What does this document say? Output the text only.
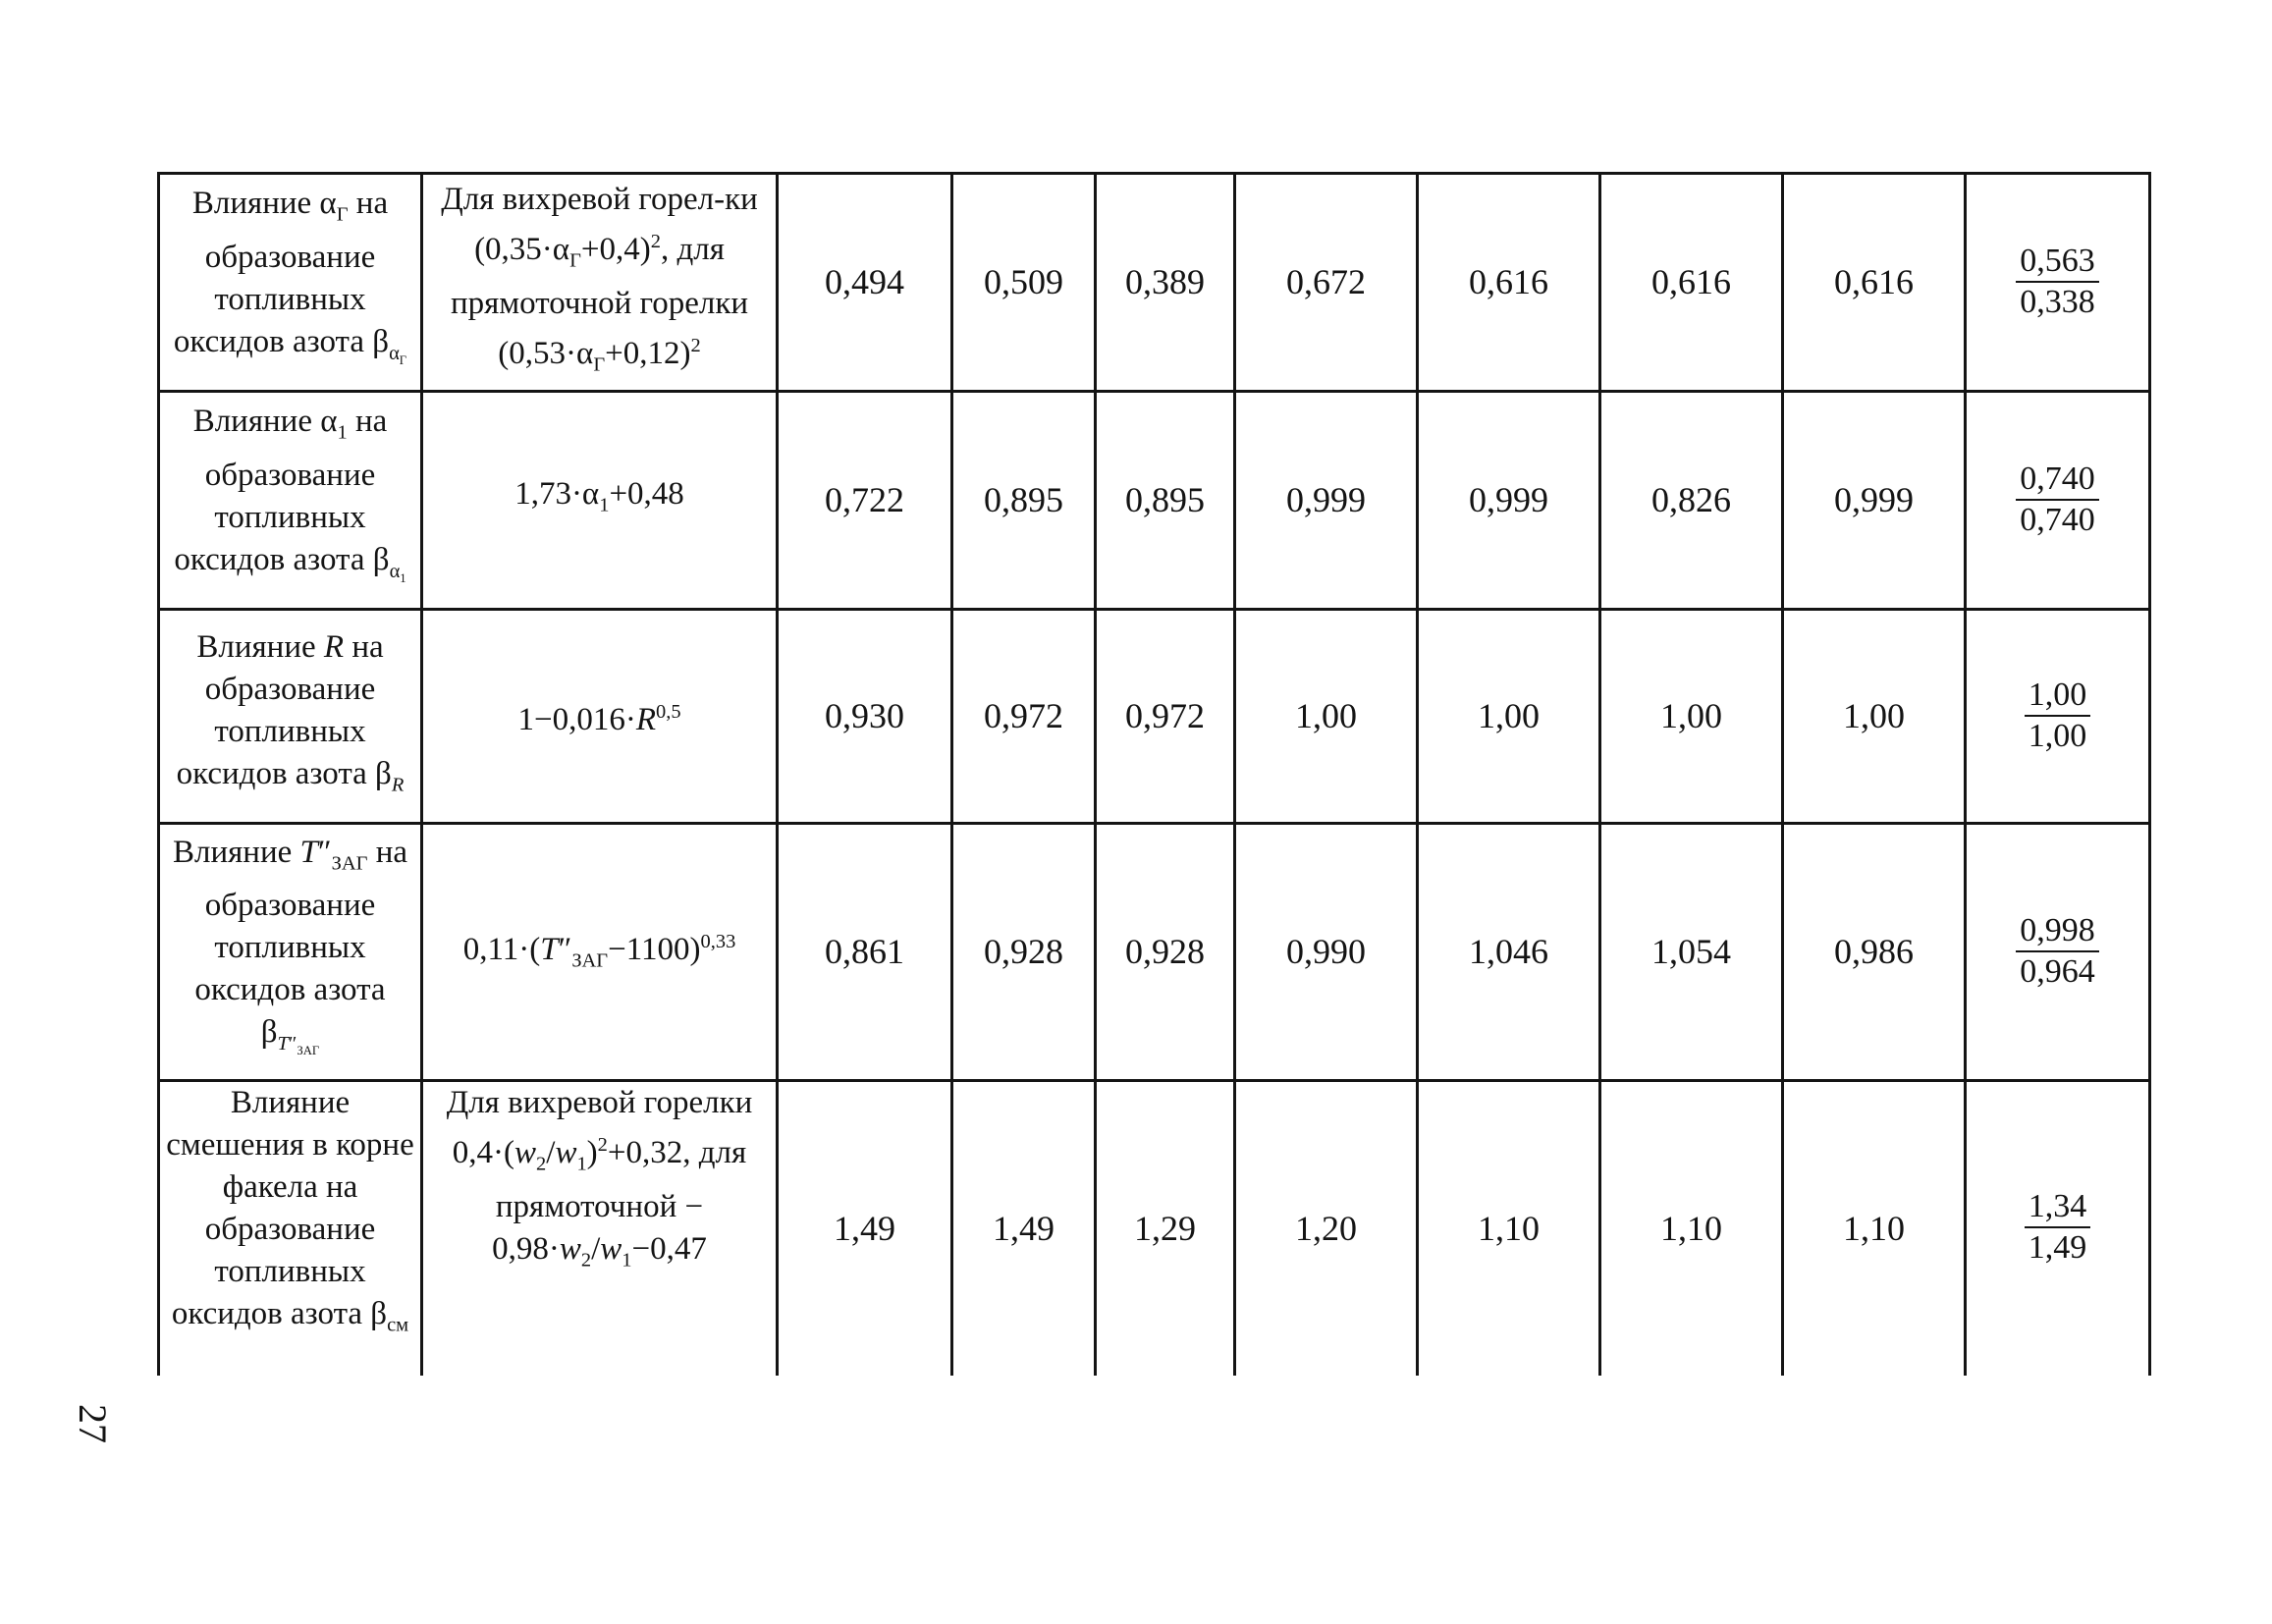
Влияние $\alpha_Г$ на образование топливных оксидов азота $\beta_{\alpha_Г}$	Для вихревой горел-ки $(0,35\cdot\alpha_Г+0,4)^2$, для прямоточной горелки $(0,53\cdot\alpha_Г+0,12)^2$	0,494	0,509	0,389	0,672	0,616	0,616	0,616	$\frac{0,563}{0,338}$

Влияние $\alpha_1$ на образование топливных оксидов азота $\beta_{\alpha_1}$	$1,73\cdot\alpha_1+0,48$	0,722	0,895	0,895	0,999	0,999	0,826	0,999	$\frac{0,740}{0,740}$

Влияние R на образование топливных оксидов азота $\beta_R$	$1-0,016\cdot R^{0,5}$	0,930	0,972	0,972	1,00	1,00	1,00	1,00	$\frac{1,00}{1,00}$

Влияние $T''_{ЗАГ}$ на образование топливных оксидов азота $\beta_{T''_{ЗАГ}}$	$0,11\cdot(T''_{ЗАГ}-1100)^{0,33}$	0,861	0,928	0,928	0,990	1,046	1,054	0,986	$\frac{0,998}{0,964}$

Влияние смешения в корне факела на образование топливных оксидов азота $\beta_{см}$	Для вихревой горелки $0,4\cdot(w_2/w_1)^2+0,32$, для прямоточной − $0,98\cdot w_2/w_1-0,47$	1,49	1,49	1,29	1,20	1,10	1,10	1,10	$\frac{1,34}{1,49}$
27
